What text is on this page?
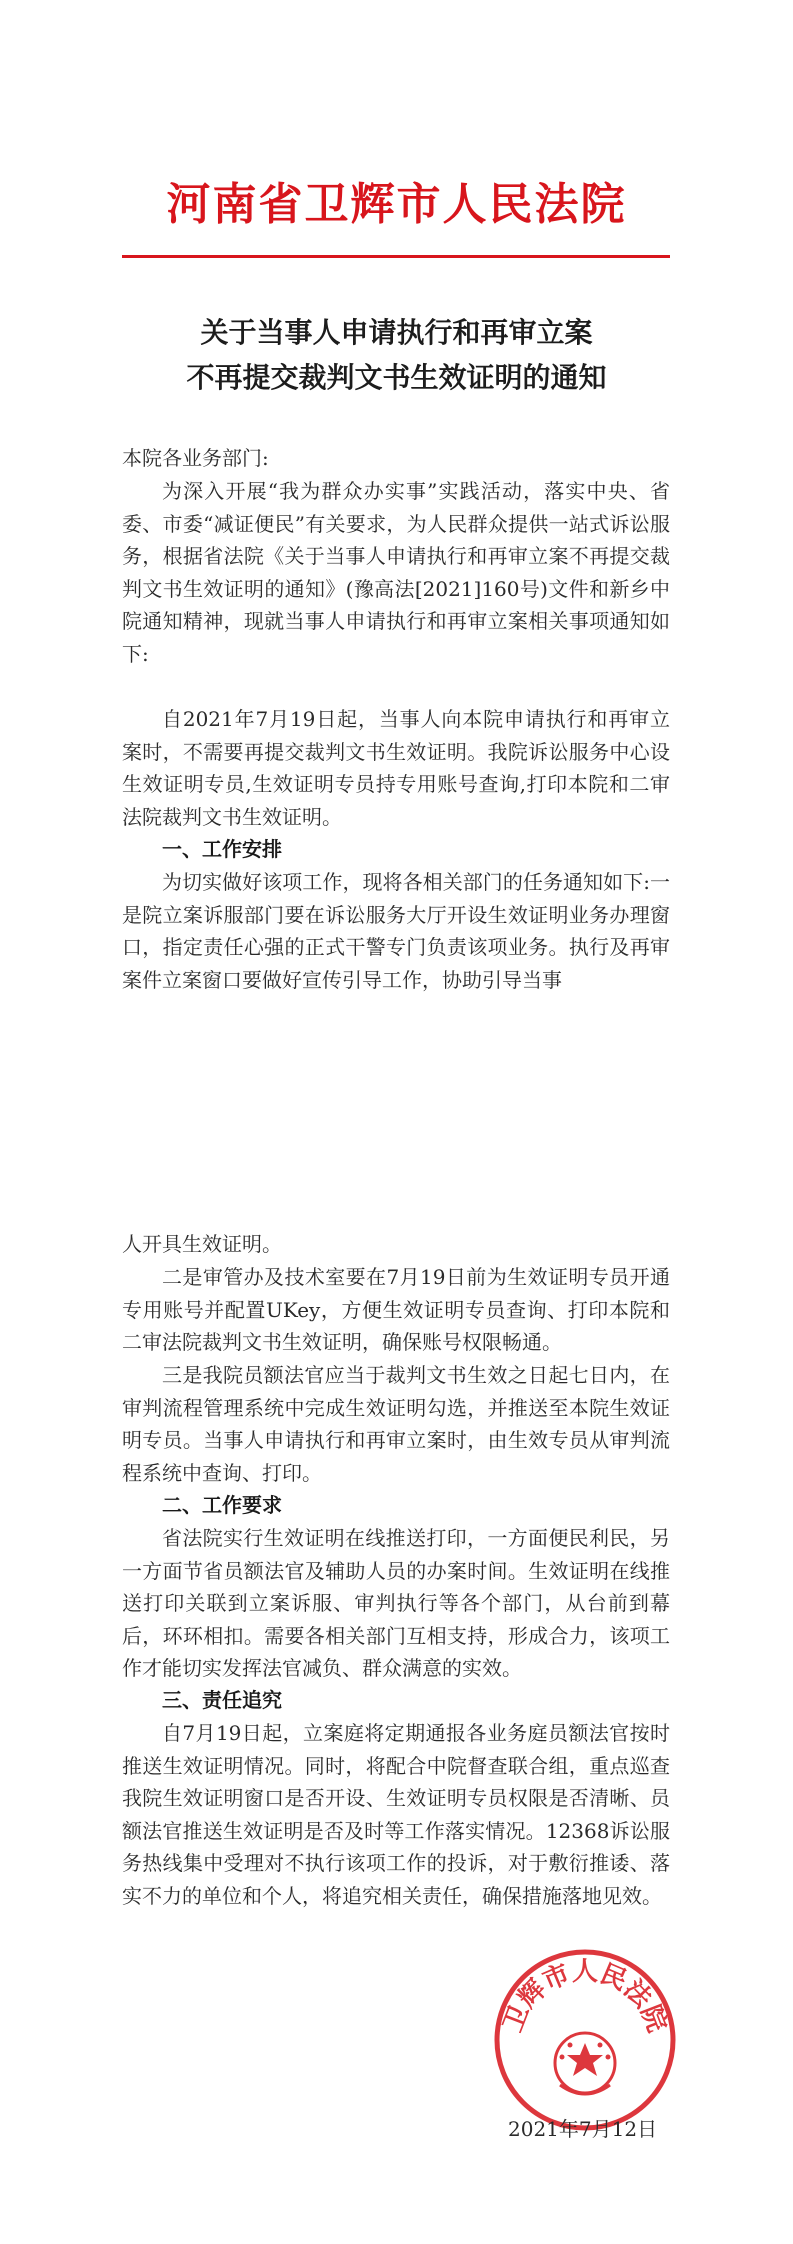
河南省卫辉市人民法院
关于当事人申请执行和再审立案
不再提交裁判文书生效证明的通知

本院各业务部门:

为深入开展“我为群众办实事”实践活动，落实中央、省委、市委“减证便民”有关要求，为人民群众提供一站式诉讼服务，根据省法院《关于当事人申请执行和再审立案不再提交裁判文书生效证明的通知》(豫高法[2021]160号)文件和新乡中院通知精神，现就当事人申请执行和再审立案相关事项通知如下:

自2021年7月19日起，当事人向本院申请执行和再审立案时，不需要再提交裁判文书生效证明。我院诉讼服务中心设生效证明专员,生效证明专员持专用账号查询,打印本院和二审法院裁判文书生效证明。

一、工作安排

为切实做好该项工作，现将各相关部门的任务通知如下:一是院立案诉服部门要在诉讼服务大厅开设生效证明业务办理窗口，指定责任心强的正式干警专门负责该项业务。执行及再审案件立案窗口要做好宣传引导工作，协助引导当事

人开具生效证明。

二是审管办及技术室要在7月19日前为生效证明专员开通专用账号并配置UKey，方便生效证明专员查询、打印本院和二审法院裁判文书生效证明，确保账号权限畅通。

三是我院员额法官应当于裁判文书生效之日起七日内，在审判流程管理系统中完成生效证明勾选，并推送至本院生效证明专员。当事人申请执行和再审立案时，由生效专员从审判流程系统中查询、打印。

二、工作要求

省法院实行生效证明在线推送打印，一方面便民利民，另一方面节省员额法官及辅助人员的办案时间。生效证明在线推送打印关联到立案诉服、审判执行等各个部门，从台前到幕后，环环相扣。需要各相关部门互相支持，形成合力，该项工作才能切实发挥法官减负、群众满意的实效。

三、责任追究

自7月19日起，立案庭将定期通报各业务庭员额法官按时推送生效证明情况。同时，将配合中院督查联合组，重点巡查我院生效证明窗口是否开设、生效证明专员权限是否清晰、员额法官推送生效证明是否及时等工作落实情况。12368诉讼服务热线集中受理对不执行该项工作的投诉，对于敷衍推诿、落实不力的单位和个人，将追究相关责任，确保措施落地见效。

卫辉市人民法院
2021年7月12日
